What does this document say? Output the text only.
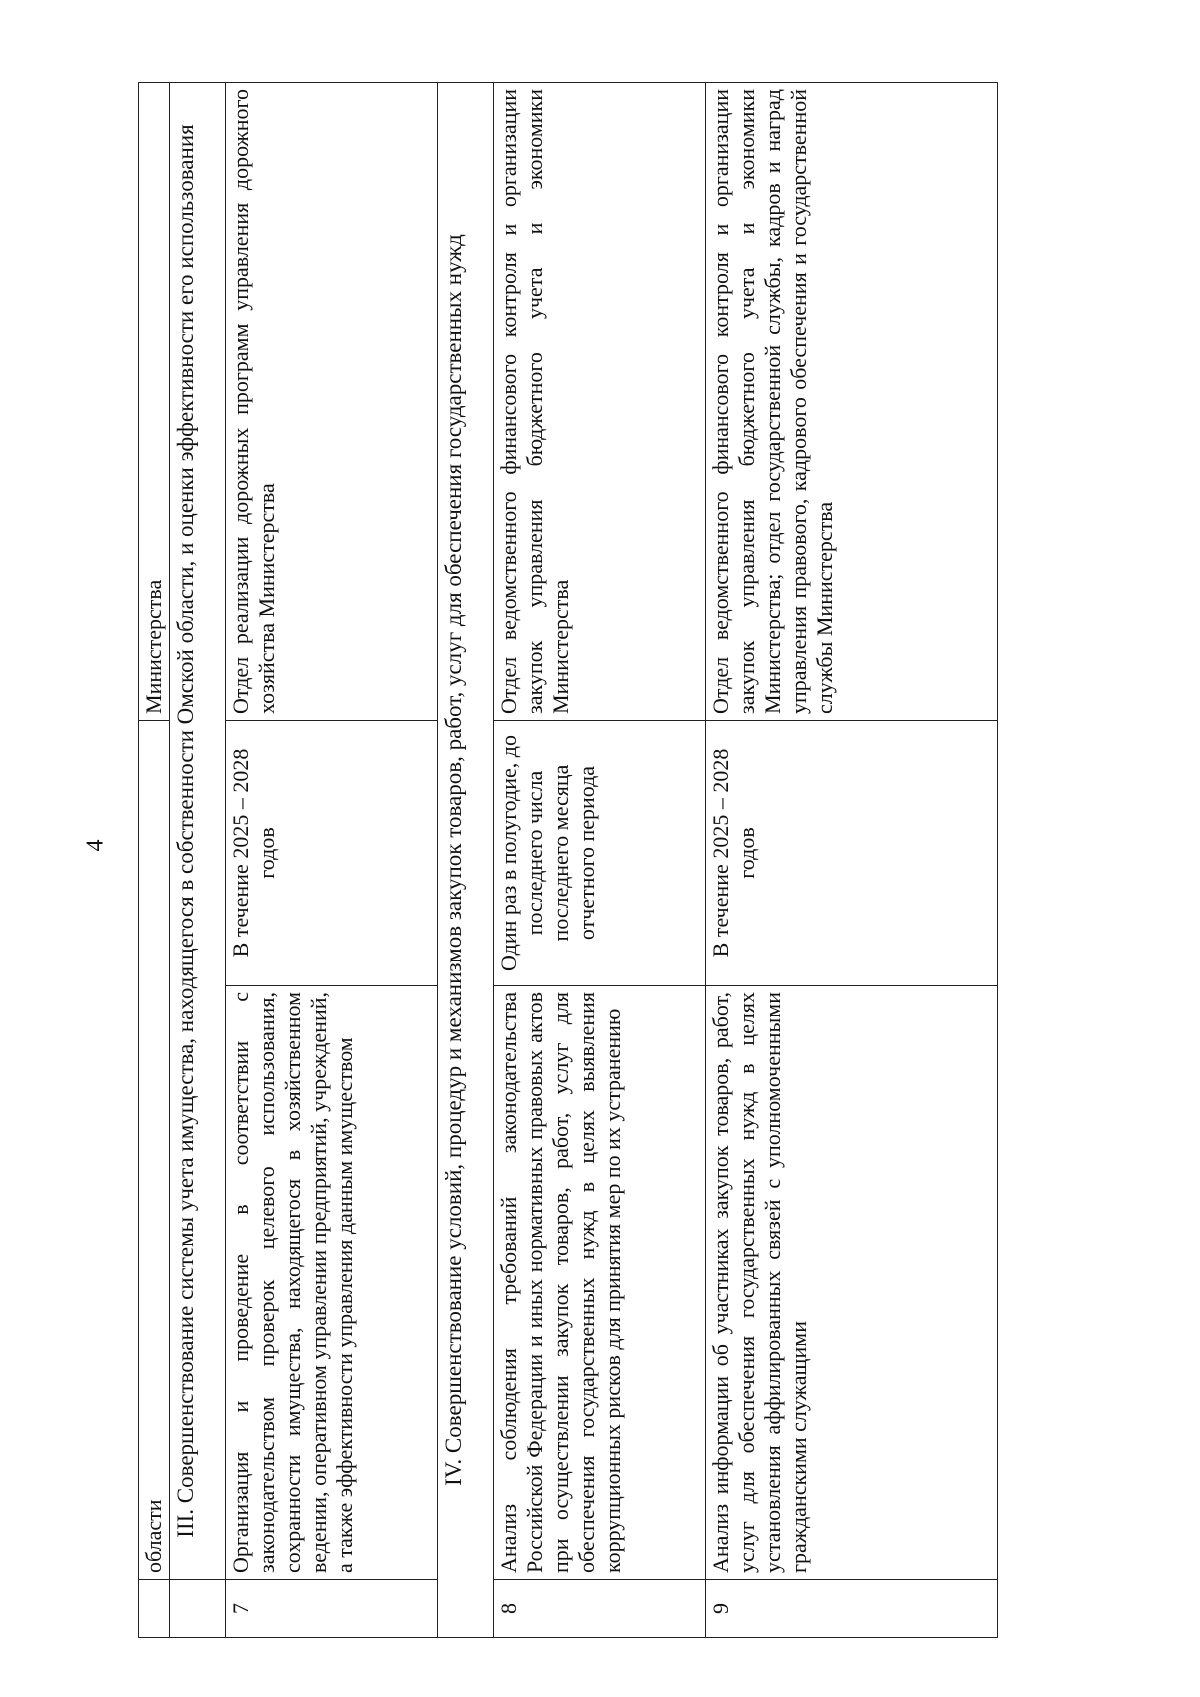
4
	области		Министерства
	III. Совершенствование системы учета имущества, находящегося в собственности Омской области, и оценки эффективности его использования		
7	Организация и проведение в соответствии с законодательством проверок целевого использования, сохранности имущества, находящегося в хозяйственном ведении, оперативном управлении предприятий, учреждений, а также эффективности управления данным имуществом	В течение 2025 – 2028 годов	Отдел реализации дорожных программ управления дорожного хозяйства Министерства
IV. Совершенствование условий, процедур и механизмов закупок товаров, работ, услуг для обеспечения государственных нужд			
8	Анализ соблюдения требований законодательства Российской Федерации и иных нормативных правовых актов при осуществлении закупок товаров, работ, услуг для обеспечения государственных нужд в целях выявления коррупционных рисков для принятия мер по их устранению	Один раз в полугодие, до последнего числа последнего месяца отчетного периода	Отдел ведомственного финансового контроля и организации закупок управления бюджетного учета и экономики Министерства
9	Анализ информации об участниках закупок товаров, работ, услуг для обеспечения государственных нужд в целях установления аффилированных связей с уполномоченными гражданскими служащими	В течение 2025 – 2028 годов	Отдел ведомственного финансового контроля и организации закупок управления бюджетного учета и экономики Министерства; отдел государственной службы, кадров и наград управления правового, кадрового обеспечения и государственной службы Министерства
